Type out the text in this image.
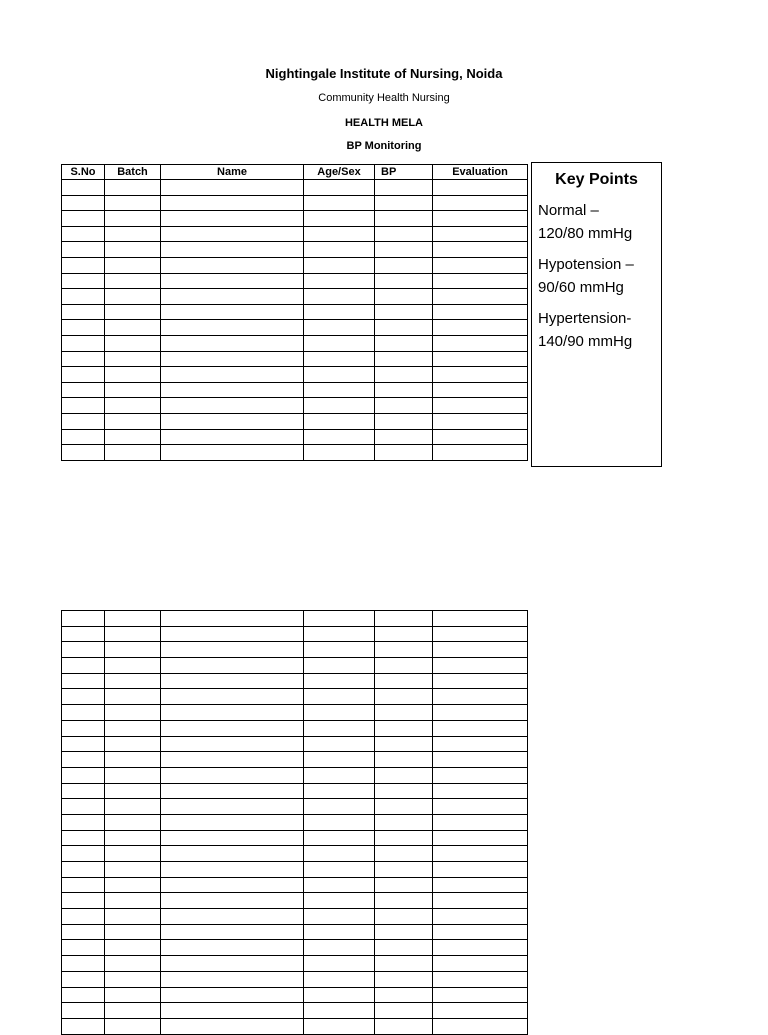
Nightingale Institute of Nursing, Noida
Community Health Nursing
HEALTH MELA
BP Monitoring
S.No	Batch	Name	Age/Sex	BP	Evaluation

						Key Points
Normal –
120/80 mmHg
Hypotension –
90/60 mmHg
Hypertension-
140/90 mmHg
